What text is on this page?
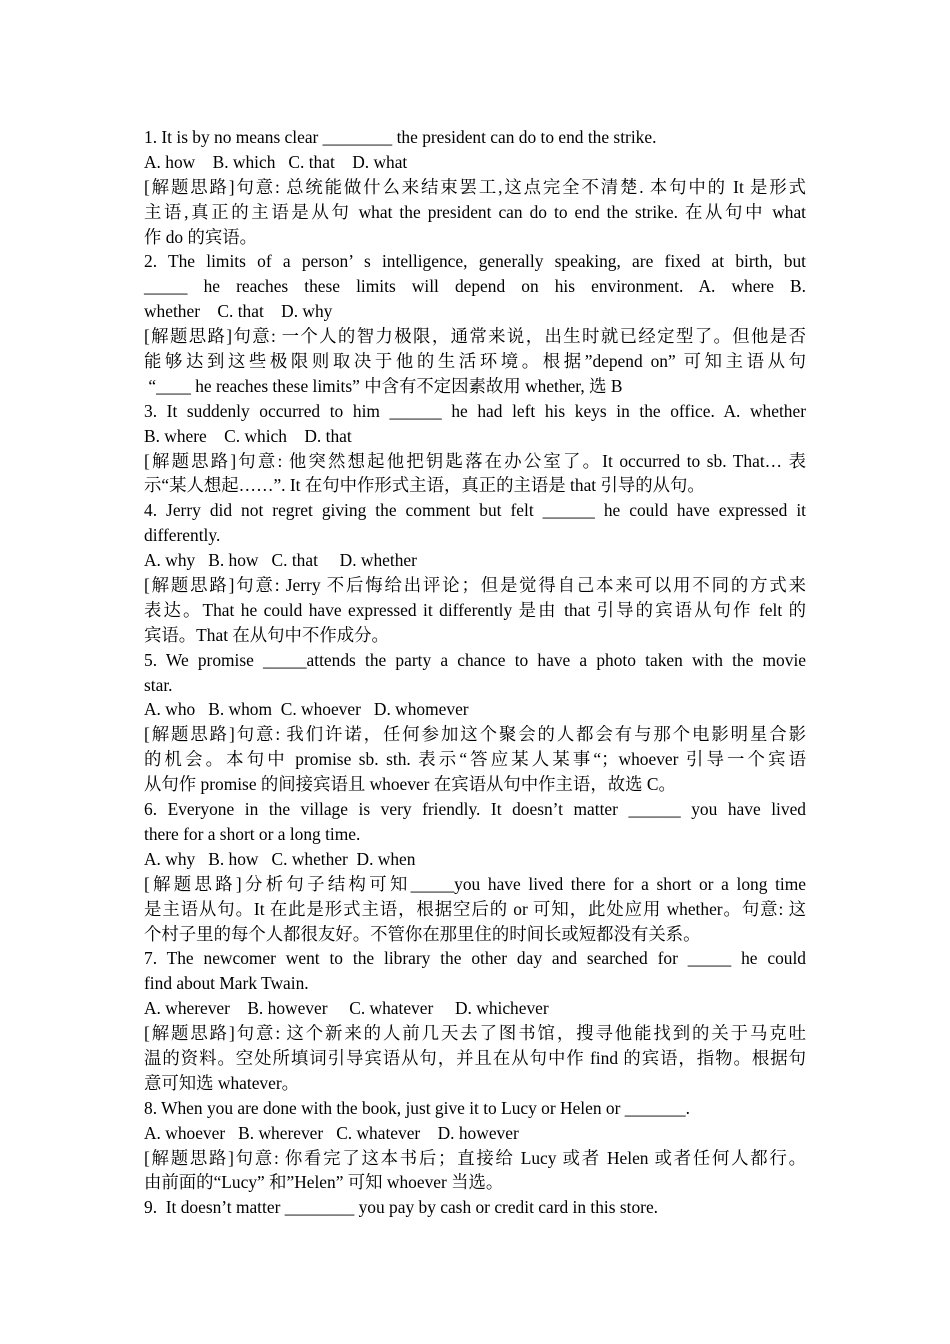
1. It is by no means clear ________ the president can do to end the strike.
A. how    B. which   C. that    D. what
[解题思路]句意: 总统能做什么来结束罢工,这点完全不清楚. 本句中的 It 是形式
主语,真正的主语是从句 what the president can do to end the strike. 在从句中 what
作 do 的宾语。
2. The limits of a person’ s intelligence, generally speaking, are fixed at birth, but
_____ he reaches these limits will depend on his environment. A. where B.
whether    C. that    D. why
[解题思路]句意: 一个人的智力极限，通常来说，出生时就已经定型了。但他是否
能够达到这些极限则取决于他的生活环境。根据”depend on” 可知主语从句
“____ he reaches these limits” 中含有不定因素故用 whether, 选 B
3. It suddenly occurred to him ______ he had left his keys in the office. A. whether
B. where    C. which    D. that
[解题思路]句意: 他突然想起他把钥匙落在办公室了。It occurred to sb. That… 表
示“某人想起……”. It 在句中作形式主语，真正的主语是 that 引导的从句。
4. Jerry did not regret giving the comment but felt ______ he could have expressed it
differently.
A. why   B. how   C. that     D. whether
[解题思路]句意: Jerry 不后悔给出评论；但是觉得自己本来可以用不同的方式来
表达。That he could have expressed it differently 是由 that 引导的宾语从句作 felt 的
宾语。That 在从句中不作成分。
5. We promise _____attends the party a chance to have a photo taken with the movie
star.
A. who   B. whom  C. whoever   D. whomever
[解题思路]句意: 我们许诺，任何参加这个聚会的人都会有与那个电影明星合影
的机会。本句中 promise sb. sth. 表示“答应某人某事“；whoever 引导一个宾语
从句作 promise 的间接宾语且 whoever 在宾语从句中作主语，故选 C。
6. Everyone in the village is very friendly. It doesn’t matter ______ you have lived
there for a short or a long time.
A. why   B. how   C. whether  D. when
[解题思路]分析句子结构可知_____you have lived there for a short or a long time
是主语从句。It 在此是形式主语，根据空后的 or 可知，此处应用 whether。句意: 这
个村子里的每个人都很友好。不管你在那里住的时间长或短都没有关系。
7. The newcomer went to the library the other day and searched for _____ he could
find about Mark Twain.
A. wherever    B. however     C. whatever     D. whichever
[解题思路]句意: 这个新来的人前几天去了图书馆，搜寻他能找到的关于马克吐
温的资料。空处所填词引导宾语从句，并且在从句中作 find 的宾语，指物。根据句
意可知选 whatever。
8. When you are done with the book, just give it to Lucy or Helen or _______.
A. whoever   B. wherever   C. whatever    D. however
[解题思路]句意: 你看完了这本书后；直接给 Lucy 或者 Helen 或者任何人都行。
由前面的“Lucy” 和”Helen” 可知 whoever 当选。
9.  It doesn’t matter ________ you pay by cash or credit card in this store.
